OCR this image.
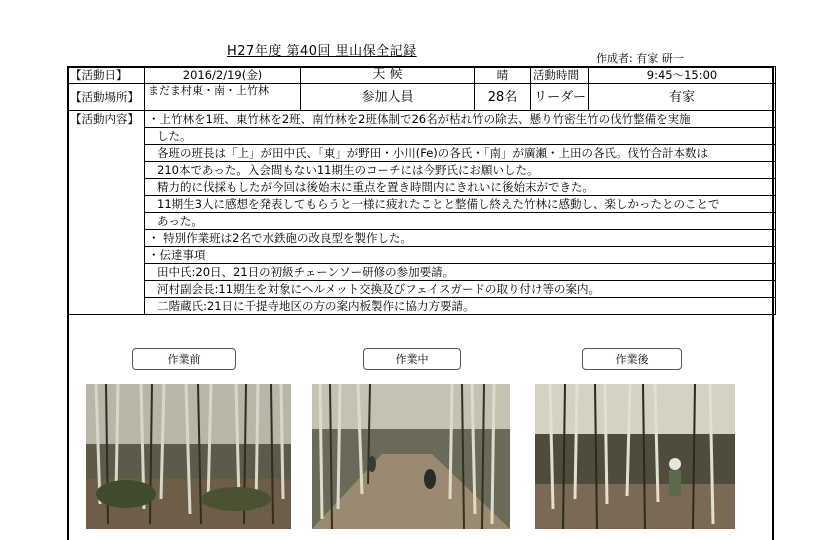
H27年度 第40回 里山保全記録	作成者: 有家 研一
【活動日】	2016/2/19(金)	天 候	晴	活動時間	9:45～15:00
【活動場所】	まだま村東・南・上竹林	参加人員	28名	リーダー	有家
【活動内容】	・上竹林を1班、東竹林を2班、南竹林を2班体制で26名が枯れ竹の除去、懸り竹密生竹の伐竹整備を実施				
	した。				
	各班の班長は「上」が田中氏、「東」が野田・小川(Fe)の各氏・「南」が廣瀬・上田の各氏。伐竹合計本数は				
	210本であった。入会間もない11期生のコーチには今野氏にお願いした。				
	精力的に伐採もしたが今回は後始末に重点を置き時間内にきれいに後始末ができた。				
	11期生3人に感想を発表してもらうと一様に疲れたことと整備し終えた竹林に感動し、楽しかったとのことで				
	あった。				
	・ 特別作業班は2名で水鉄砲の改良型を製作した。				
	・伝達事項				
	田中氏:20日、21日の初級チェーンソー研修の参加要請。				
	河村副会長:11期生を対象にヘルメット交換及びフェイスガードの取り付け等の案内。				
	二階蔵氏:21日に千提寺地区の方の案内板製作に協力方要請。				
作業前	作業中	作業後
